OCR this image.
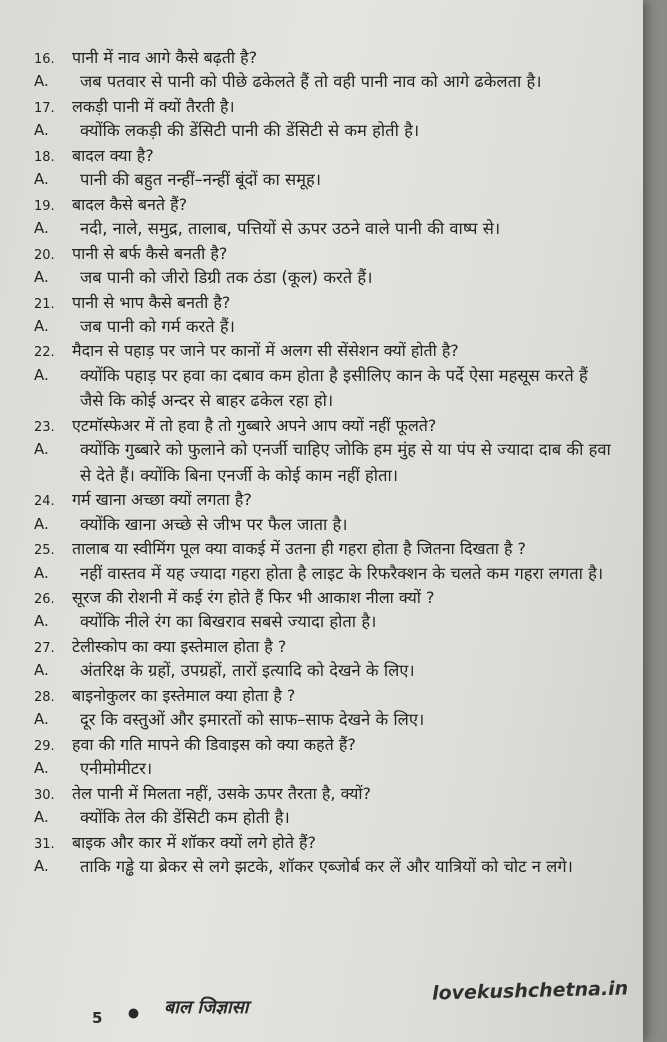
16.	पानी में नाव आगे कैसे बढ़ती है?
A.	जब पतवार से पानी को पीछे ढकेलते हैं तो वही पानी नाव को आगे ढकेलता है।
17.	लकड़ी पानी में क्यों तैरती है।
A.	क्योंकि लकड़ी की डेंसिटी पानी की डेंसिटी से कम होती है।
18.	बादल क्या है?
A.	पानी की बहुत नन्हीं–नन्हीं बूंदों का समूह।
19.	बादल कैसे बनते हैं?
A.	नदी, नाले, समुद्र, तालाब, पत्तियों से ऊपर उठने वाले पानी की वाष्प से।
20.	पानी से बर्फ कैसे बनती है?
A.	जब पानी को जीरो डिग्री तक ठंडा (कूल) करते हैं।
21.	पानी से भाप कैसे बनती है?
A.	जब पानी को गर्म करते हैं।
22.	मैदान से पहाड़ पर जाने पर कानों में अलग सी सेंसेशन क्यों होती है?
A.	क्योंकि पहाड़ पर हवा का दबाव कम होता है इसीलिए कान के पर्दे ऐसा महसूस करते हैं जैसे कि कोई अन्दर से बाहर ढकेल रहा हो।
23.	एटमॉस्फेअर में तो हवा है तो गुब्बारे अपने आप क्यों नहीं फूलते?
A.	क्योंकि गुब्बारे को फुलाने को एनर्जी चाहिए जोकि हम मुंह से या पंप से ज्यादा दाब की हवा से देते हैं। क्योंकि बिना एनर्जी के कोई काम नहीं होता।
24.	गर्म खाना अच्छा क्यों लगता है?
A.	क्योंकि खाना अच्छे से जीभ पर फैल जाता है।
25.	तालाब या स्वीमिंग पूल क्या वाकई में उतना ही गहरा होता है जितना दिखता है ?
A.	नहीं वास्तव में यह ज्यादा गहरा होता है लाइट के रिफरैक्शन के चलते कम गहरा लगता है।
26.	सूरज की रोशनी में कई रंग होते हैं फिर भी आकाश नीला क्यों ?
A.	क्योंकि नीले रंग का बिखराव सबसे ज्यादा होता है।
27.	टेलीस्कोप का क्या इस्तेमाल होता है ?
A.	अंतरिक्ष के ग्रहों, उपग्रहों, तारों इत्यादि को देखने के लिए।
28.	बाइनोकुलर का इस्तेमाल क्या होता है ?
A.	दूर कि वस्तुओं और इमारतों को साफ–साफ देखने के लिए।
29.	हवा की गति मापने की डिवाइस को क्या कहते हैं?
A.	एनीमोमीटर।
30.	तेल पानी में मिलता नहीं, उसके ऊपर तैरता है, क्यों?
A.	क्योंकि तेल की डेंसिटी कम होती है।
31.	बाइक और कार में शॉकर क्यों लगे होते हैं?
A.	ताकि गड्ढे या ब्रेकर से लगे झटके, शॉकर एब्जोर्ब कर लें और यात्रियों को चोट न लगे।
5	बाल जिज्ञासा
lovekushchetna.in
